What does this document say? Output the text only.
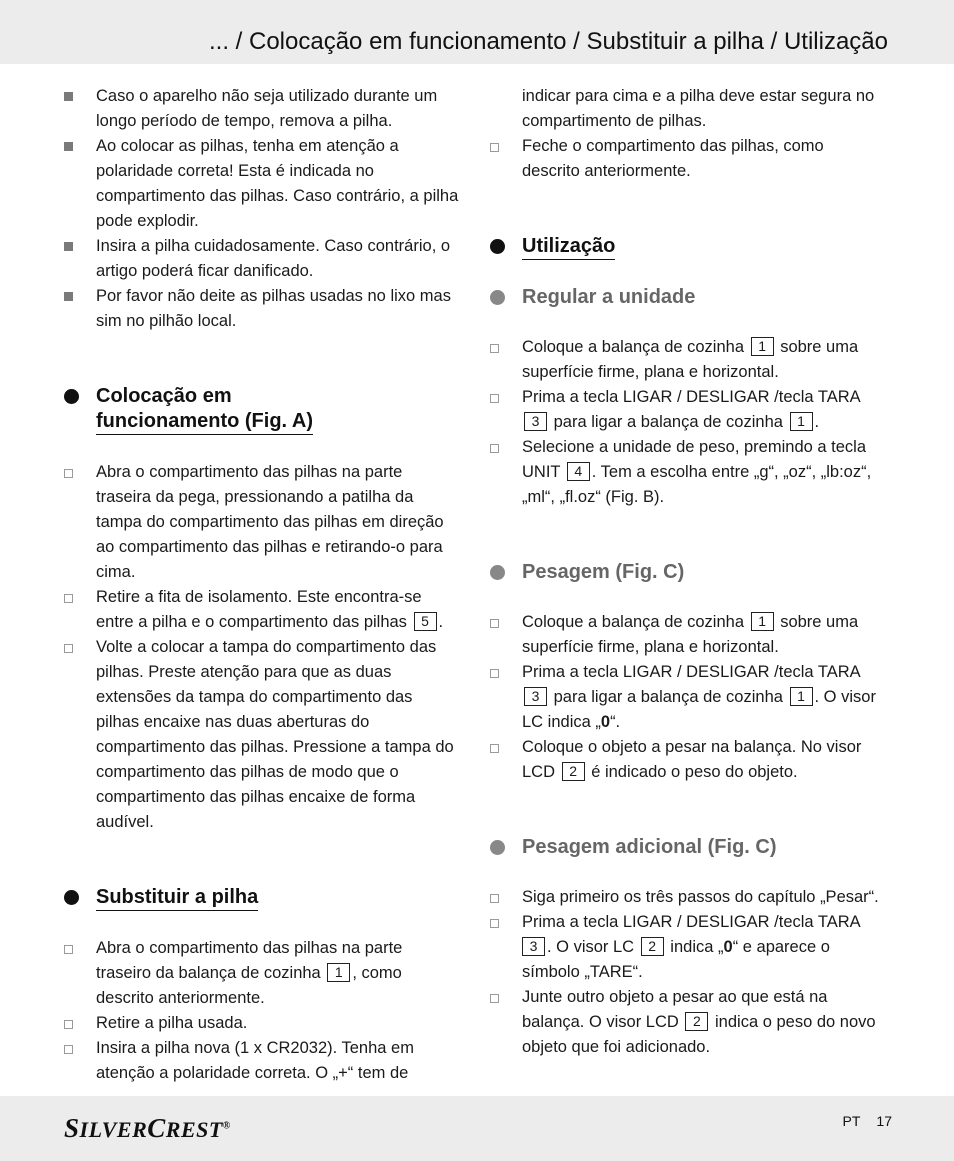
... / Colocação em funcionamento / Substituir a pilha / Utilização
Caso o aparelho não seja utilizado durante um longo período de tempo, remova a pilha.
Ao colocar as pilhas, tenha em atenção a polaridade correta! Esta é indicada no compartimento das pilhas. Caso contrário, a pilha pode explodir.
Insira a pilha cuidadosamente. Caso contrário, o artigo poderá ficar danificado.
Por favor não deite as pilhas usadas no lixo mas sim no pilhão local.
Colocação em
funcionamento (Fig. A)
Abra o compartimento das pilhas na parte traseira da pega, pressionando a patilha da tampa do compartimento das pilhas em direção ao compartimento das pilhas e retirando-o para cima.
Retire a fita de isolamento. Este encontra-se entre a pilha e o compartimento das pilhas 5 .
Volte a colocar a tampa do compartimento das pilhas. Preste atenção para que as duas extensões da tampa do compartimento das pilhas encaixe nas duas aberturas do compartimento das pilhas. Pressione a tampa do compartimento das pilhas de modo que o compartimento das pilhas encaixe de forma audível.
Substituir a pilha
Abra o compartimento das pilhas na parte traseiro da balança de cozinha 1 , como descrito anteriormente.
Retire a pilha usada.
Insira a pilha nova (1 x CR2032). Tenha em atenção a polaridade correta. O „+“ tem de
indicar para cima e a pilha deve estar segura no compartimento de pilhas.
Feche o compartimento das pilhas, como descrito anteriormente.
Utilização
Regular a unidade
Coloque a balança de cozinha 1 sobre uma superfície firme, plana e horizontal.
Prima a tecla LIGAR / DESLIGAR /tecla TARA 3 para ligar a balança de cozinha 1 .
Selecione a unidade de peso, premindo a tecla UNIT 4 . Tem a escolha entre „g“, „oz“, „lb:oz“, „ml“, „fl.oz“ (Fig. B).
Pesagem (Fig. C)
Coloque a balança de cozinha 1 sobre uma superfície firme, plana e horizontal.
Prima a tecla LIGAR / DESLIGAR /tecla TARA 3 para ligar a balança de cozinha 1 . O visor LC indica „0“.
Coloque o objeto a pesar na balança. No visor LCD 2 é indicado o peso do objeto.
Pesagem adicional (Fig. C)
Siga primeiro os três passos do capítulo „Pesar“.
Prima a tecla LIGAR / DESLIGAR /tecla TARA
3 . O visor LC 2 indica „0“ e aparece o símbolo „TARE“.
Junte outro objeto a pesar ao que está na balança. O visor LCD 2 indica o peso do novo objeto que foi adicionado.
SILVERCREST®	PT 17
